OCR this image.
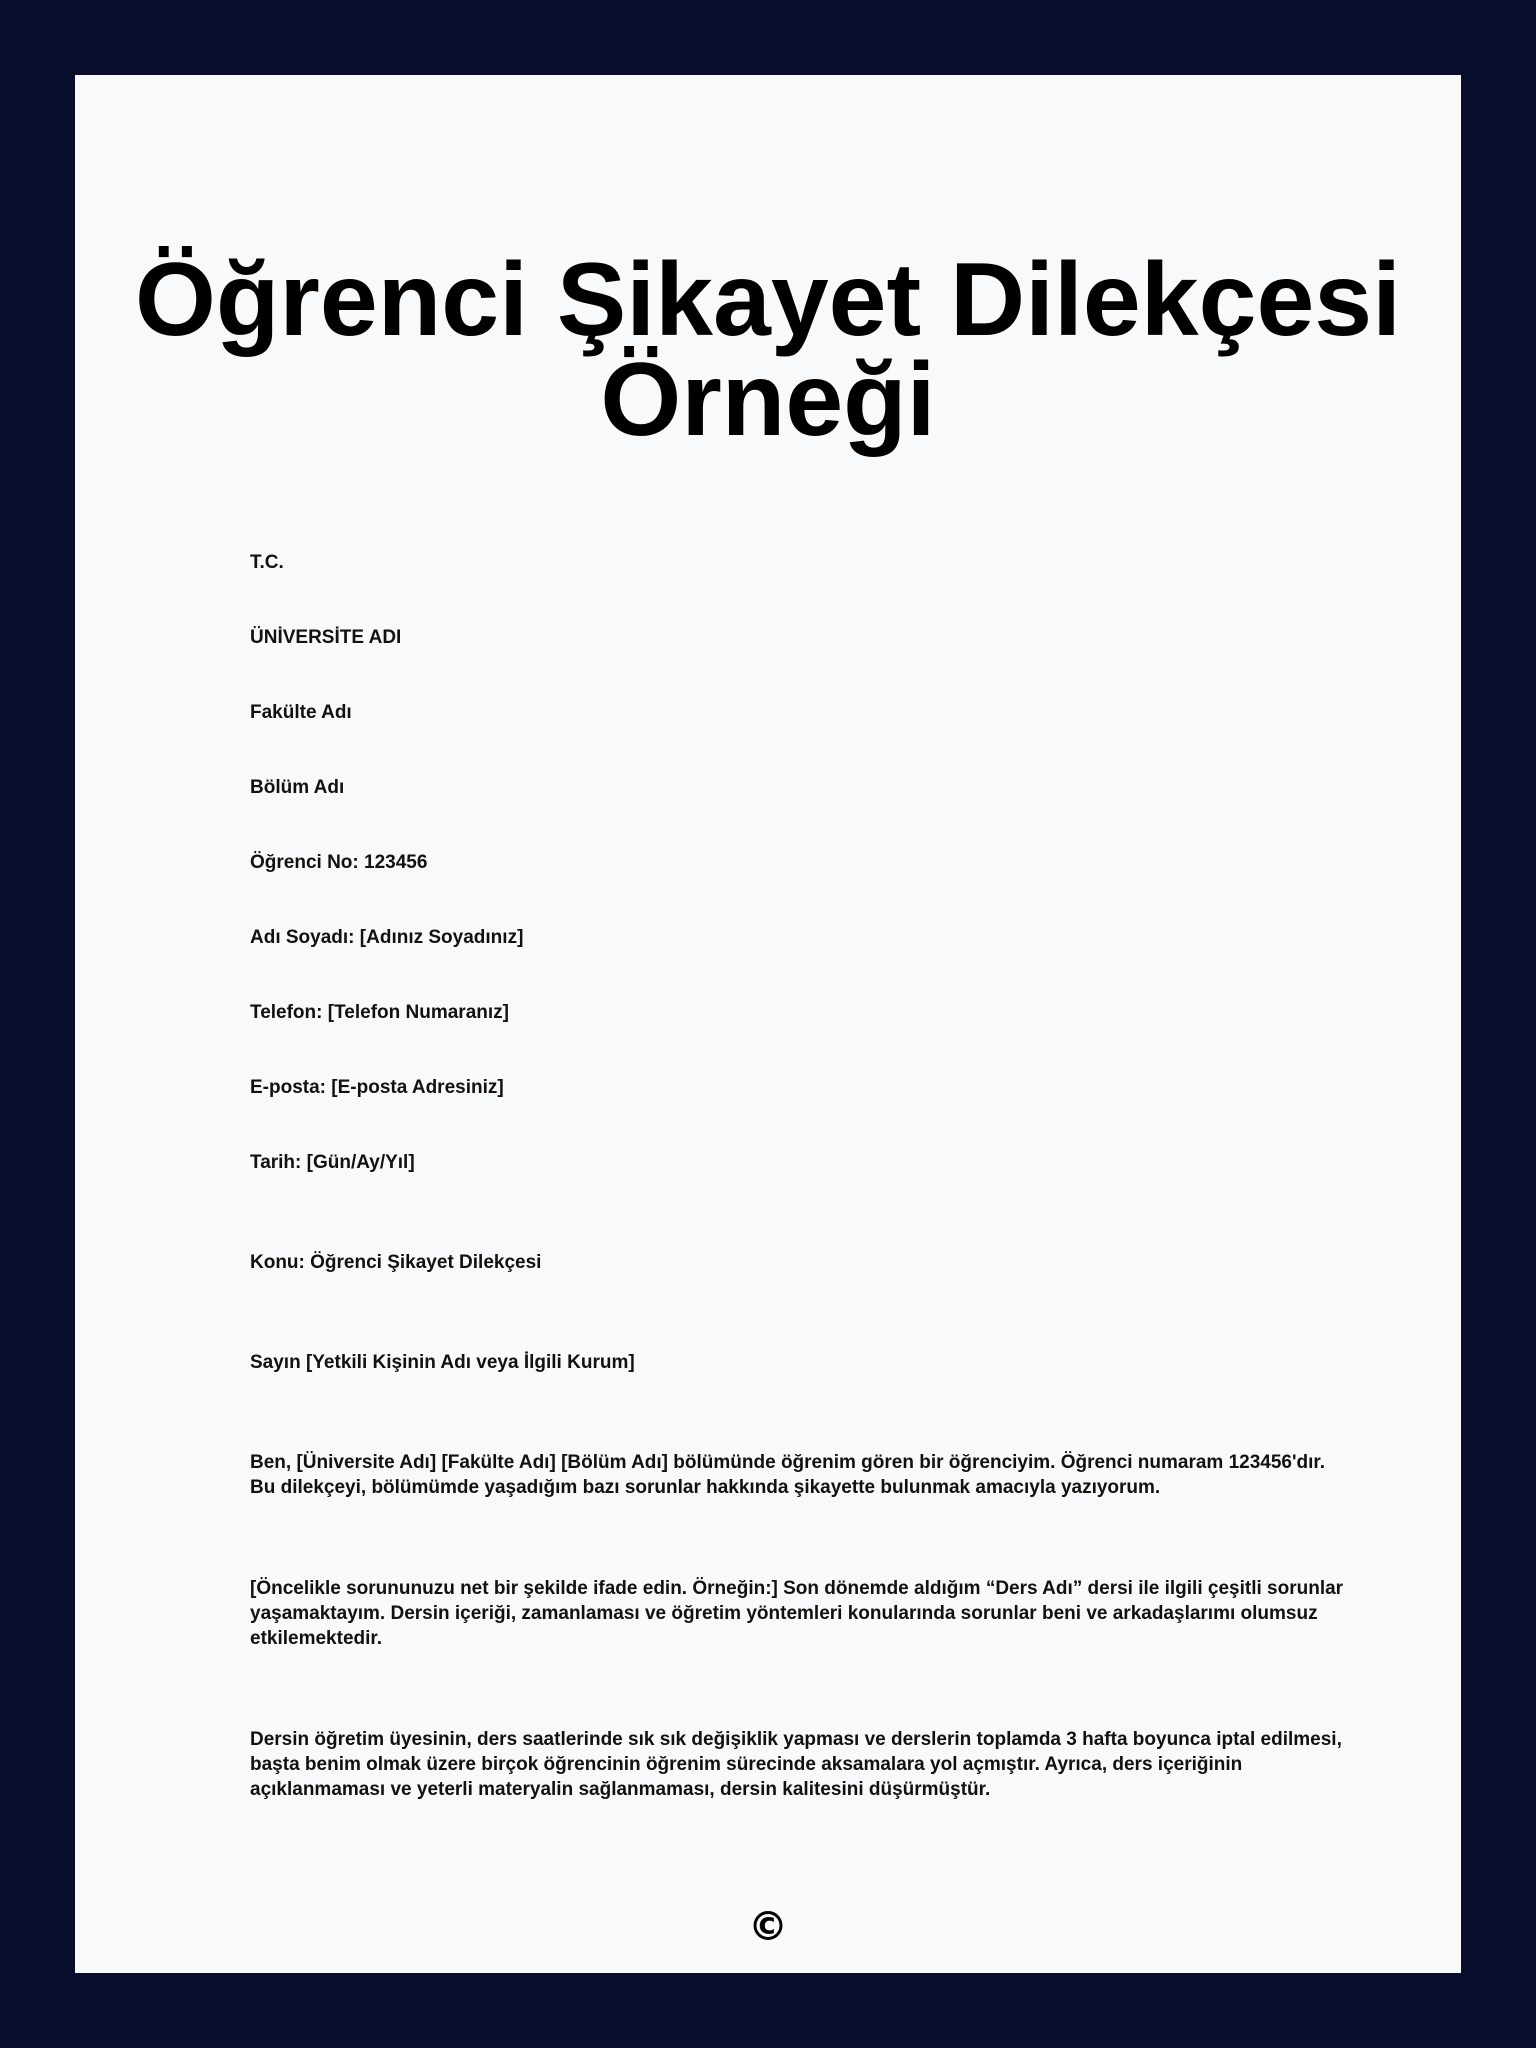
Öğrenci Şikayet Dilekçesi Örneği

T.C.

ÜNİVERSİTE ADI

Fakülte Adı

Bölüm Adı

Öğrenci No: 123456

Adı Soyadı: [Adınız Soyadınız]

Telefon: [Telefon Numaranız]

E-posta: [E-posta Adresiniz]

Tarih: [Gün/Ay/Yıl]

Konu: Öğrenci Şikayet Dilekçesi

Sayın [Yetkili Kişinin Adı veya İlgili Kurum]

Ben, [Üniversite Adı] [Fakülte Adı] [Bölüm Adı] bölümünde öğrenim gören bir öğrenciyim. Öğrenci numaram 123456'dır. Bu dilekçeyi, bölümümde yaşadığım bazı sorunlar hakkında şikayette bulunmak amacıyla yazıyorum.

[Öncelikle sorununuzu net bir şekilde ifade edin. Örneğin:] Son dönemde aldığım “Ders Adı” dersi ile ilgili çeşitli sorunlar yaşamaktayım. Dersin içeriği, zamanlaması ve öğretim yöntemleri konularında sorunlar beni ve arkadaşlarımı olumsuz etkilemektedir.

Dersin öğretim üyesinin, ders saatlerinde sık sık değişiklik yapması ve derslerin toplamda 3 hafta boyunca iptal edilmesi, başta benim olmak üzere birçok öğrencinin öğrenim sürecinde aksamalara yol açmıştır. Ayrıca, ders içeriğinin açıklanmaması ve yeterli materyalin sağlanmaması, dersin kalitesini düşürmüştür.

©
